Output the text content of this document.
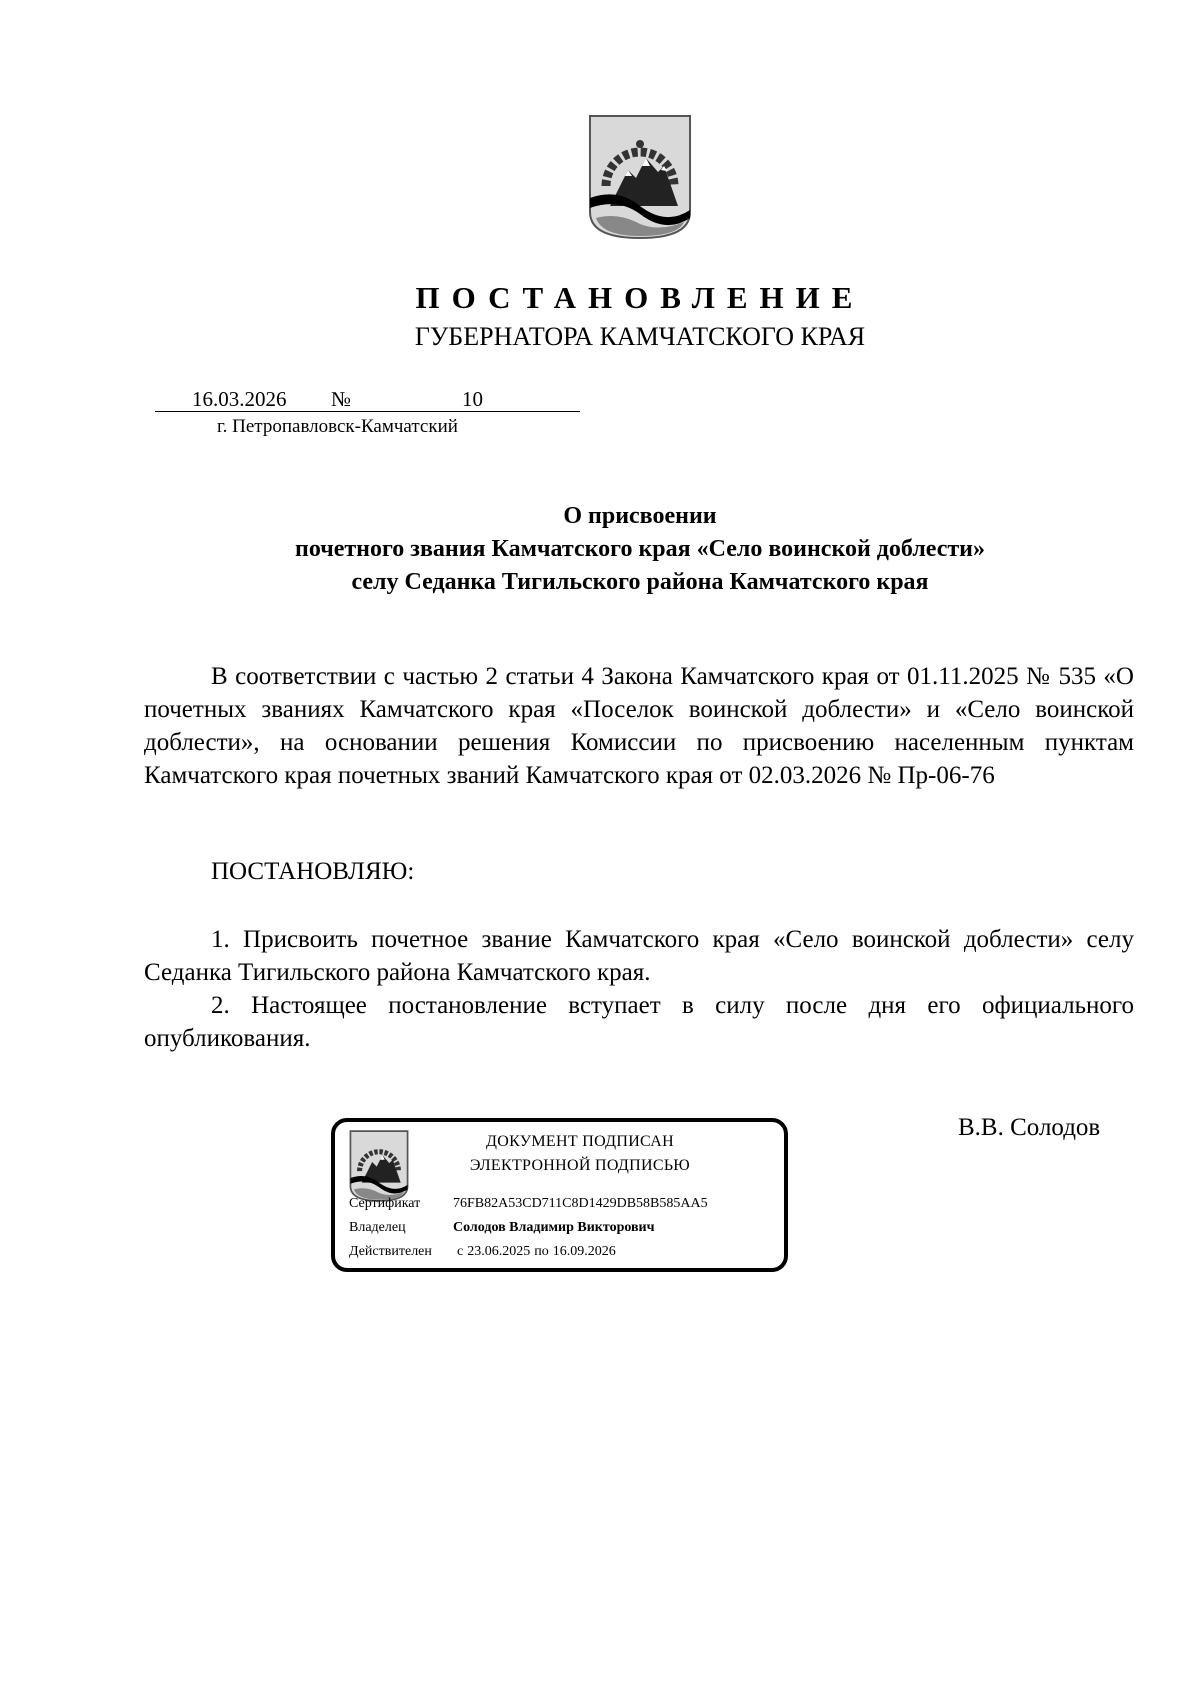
ПОСТАНОВЛЕНИЕ
ГУБЕРНАТОРА КАМЧАТСКОГО КРАЯ
16.03.2026 №	10
г. Петропавловск-Камчатский
О присвоении
почетного звания Камчатского края «Село воинской доблести»
селу Седанка Тигильского района Камчатского края

В соответствии с частью 2 статьи 4 Закона Камчатского края от 01.11.2025 № 535 «О почетных званиях Камчатского края «Поселок воинской доблести» и «Село воинской доблести», на основании решения Комиссии по присвоению населенным пунктам Камчатского края почетных званий Камчатского края от 02.03.2026 № Пр-06-76

ПОСТАНОВЛЯЮ:

1. Присвоить почетное звание Камчатского края «Село воинской доблести» селу Седанка Тигильского района Камчатского края.

2. Настоящее постановление вступает в силу после дня его официального опубликования.

ДОКУМЕНТ ПОДПИСАН
ЭЛЕКТРОННОЙ ПОДПИСЬЮ
Сертификат 76FB82A53CD711C8D1429DB58B585AA5
Владелец	Солодов Владимир Викторович
Действителен с 23.06.2025 по 16.09.2026
В.В. Солодов
